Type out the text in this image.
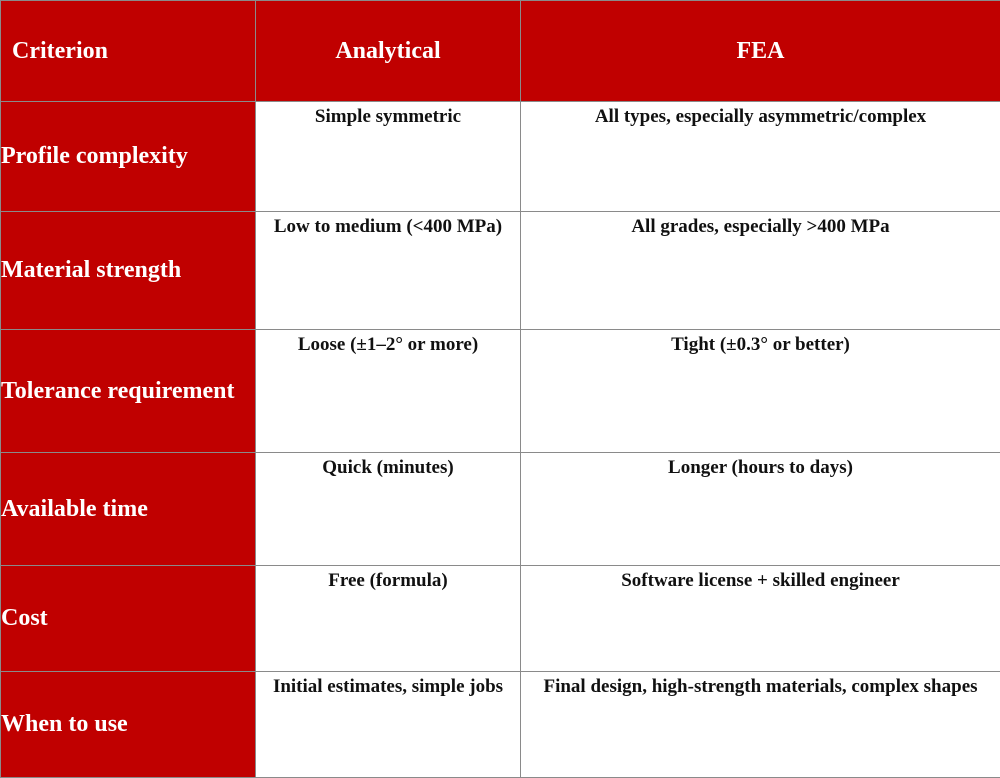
Criterion	Analytical	FEA
Profile complexity	Simple symmetric	All types, especially asymmetric/complex
Material strength	Low to medium (<400 MPa)	All grades, especially >400 MPa
Tolerance requirement	Loose (±1–2° or more)	Tight (±0.3° or better)
Available time	Quick (minutes)	Longer (hours to days)
Cost	Free (formula)	Software license + skilled engineer
When to use	Initial estimates, simple jobs	Final design, high-strength materials, complex shapes
